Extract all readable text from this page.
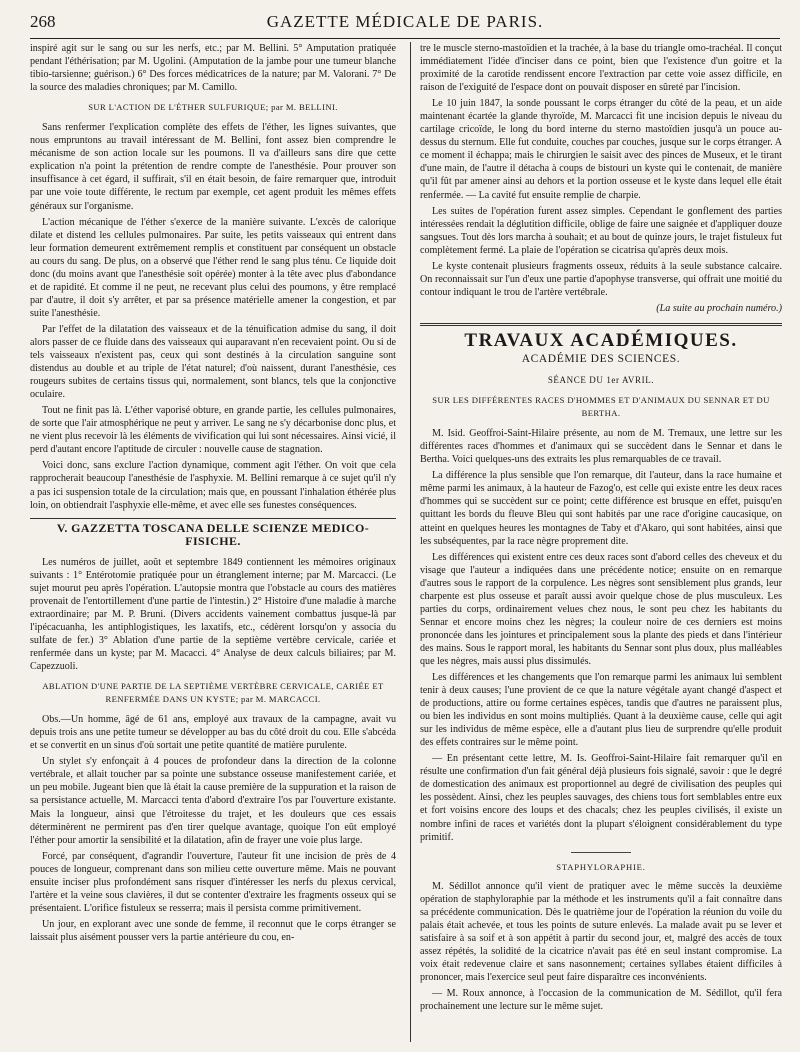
268	GAZETTE MÉDICALE DE PARIS.

inspiré agit sur le sang ou sur les nerfs, etc.; par M. Bellini. 5° Amputation pratiquée pendant l'éthérisation; par M. Ugolini. (Amputation de la jambe pour une tumeur blanche tibio-tarsienne; guérison.) 6° Des forces médicatrices de la nature; par M. Valorani. 7° De la source des maladies chroniques; par M. Camillo.

SUR L'ACTION DE L'ÉTHER SULFURIQUE; par M. BELLINI.

Sans renfermer l'explication complète des effets de l'éther, les lignes suivantes, que nous empruntons au travail intéressant de M. Bellini, font assez bien comprendre le mécanisme de son action locale sur les poumons. Il va d'ailleurs sans dire que cette explication n'a point la prétention de rendre compte de l'anesthésie. Pour prouver son insuffisance à cet égard, il suffirait, s'il en était besoin, de faire remarquer que, introduit par une voie toute différente, le rectum par exemple, cet agent produit les mêmes effets généraux sur l'organisme.

L'action mécanique de l'éther s'exerce de la manière suivante. L'excès de calorique dilate et distend les cellules pulmonaires. Par suite, les petits vaisseaux qui entrent dans leur formation demeurent extrêmement remplis et constituent par conséquent un obstacle au cours du sang. De plus, on a observé que l'éther rend le sang plus ténu. Ce liquide doit donc (du moins avant que l'anesthésie soit opérée) monter à la tête avec plus d'abondance et de rapidité. Et comme il ne peut, ne recevant plus celui des poumons, y être remplacé par d'autre, il doit s'y arrêter, et par sa présence matérielle amener la congestion, et par suite l'anesthésie.

Par l'effet de la dilatation des vaisseaux et de la ténuification admise du sang, il doit alors passer de ce fluide dans des vaisseaux qui auparavant n'en recevaient point. Ou si de tels vaisseaux n'existent pas, ceux qui sont destinés à la circulation sanguine sont distendus au double et au triple de l'état naturel; d'où naissent, durant l'anesthésie, ces rougeurs subites de certains tissus qui, normalement, sont blancs, tels que la conjonctive oculaire.

Tout ne finit pas là. L'éther vaporisé obture, en grande partie, les cellules pulmonaires, de sorte que l'air atmosphérique ne peut y arriver. Le sang ne s'y décarbonise donc plus, et ne vient plus recevoir là les éléments de vivification qui lui sont nécessaires. Ainsi vicié, il perd d'autant encore l'aptitude de circuler : nouvelle cause de stagnation.

Voici donc, sans exclure l'action dynamique, comment agit l'éther. On voit que cela rapprocherait beaucoup l'anesthésie de l'asphyxie. M. Bellini remarque à ce sujet qu'il n'y a pas ici suspension totale de la circulation; mais que, en poussant l'inhalation éthérée plus loin, on obtiendrait l'asphyxie elle-même, et avec elle ses funestes conséquences.

V. GAZZETTA TOSCANA DELLE SCIENZE MEDICO-FISICHE.

Les numéros de juillet, août et septembre 1849 contiennent les mémoires originaux suivants : 1° Entérotomie pratiquée pour un étranglement interne; par M. Marcacci. (Le sujet mourut peu après l'opération. L'autopsie montra que l'obstacle au cours des matières provenait de l'entortillement d'une partie de l'intestin.) 2° Histoire d'une maladie à marche extraordinaire; par M. P. Bruni. (Divers accidents vainement combattus jusque-là par l'ipécacuanha, les antiphlogistiques, les laxatifs, etc., cédèrent lorsqu'on y associa du sulfate de fer.) 3° Ablation d'une partie de la septième vertèbre cervicale, cariée et renfermée dans un kyste; par M. Macacci. 4° Analyse de deux calculs biliaires; par M. Capezzuoli.

ABLATION D'UNE PARTIE DE LA SEPTIÈME VERTÈBRE CERVICALE, CARIÉE ET RENFERMÉE DANS UN KYSTE; par M. MARCACCI.

Obs.—Un homme, âgé de 61 ans, employé aux travaux de la campagne, avait vu depuis trois ans une petite tumeur se développer au bas du côté droit du cou. Elle s'abcéda et se convertit en un sinus d'où sortait une petite quantité de matière purulente.

Un stylet s'y enfonçait à 4 pouces de profondeur dans la direction de la colonne vertébrale, et allait toucher par sa pointe une substance osseuse manifestement cariée, et un peu mobile. Jugeant bien que là était la cause première de la suppuration et la raison de sa persistance actuelle, M. Marcacci tenta d'abord d'extraire l'os par l'ouverture existante. Mais la longueur, ainsi que l'étroitesse du trajet, et les douleurs que ces essais déterminèrent ne permirent pas d'en tirer quelque avantage, quoique l'on eût employé l'éther pour amortir la sensibilité et la dilatation, afin de frayer une voie plus large.

Forcé, par conséquent, d'agrandir l'ouverture, l'auteur fit une incision de près de 4 pouces de longueur, comprenant dans son milieu cette ouverture même. Mais ne pouvant ensuite inciser plus profondément sans risquer d'intéresser les nerfs du plexus cervical, l'artère et la veine sous clavières, il dut se contenter d'extraire les fragments osseux qui se présentaient. L'orifice fistuleux se resserra; mais il persista comme primitivement.

Un jour, en explorant avec une sonde de femme, il reconnut que le corps étranger se laissait plus aisément pousser vers la partie antérieure du cou, en-

tre le muscle sterno-mastoïdien et la trachée, à la base du triangle omo-trachéal. Il conçut immédiatement l'idée d'inciser dans ce point, bien que l'existence d'un goitre et la proximité de la carotide rendissent encore l'extraction par cette voie assez difficile, en raison de l'exiguité de l'espace dont on pouvait disposer en sûreté par l'incision.

Le 10 juin 1847, la sonde poussant le corps étranger du côté de la peau, et un aide maintenant écartée la glande thyroïde, M. Marcacci fit une incision depuis le niveau du cartilage cricoïde, le long du bord interne du sterno mastoïdien jusqu'à un pouce au-dessus du sternum. Elle fut conduite, couches par couches, jusque sur le corps étranger. A ce moment il échappa; mais le chirurgien le saisit avec des pinces de Museux, et le tirant d'une main, de l'autre il détacha à coups de bistouri un kyste qui le contenait, de manière qu'il fût par amener ainsi au dehors et la portion osseuse et le kyste dans lequel elle était renfermée. — La cavité fut ensuite remplie de charpie.

Les suites de l'opération furent assez simples. Cependant le gonflement des parties intéressées rendait la déglutition difficile, oblige de faire une saignée et d'appliquer douze sangsues. Tout dès lors marcha à souhait; et au bout de quinze jours, le trajet fistuleux fut complètement fermé. La plaie de l'opération se cicatrisa qu'après deux mois.

Le kyste contenait plusieurs fragments osseux, réduits à la seule substance calcaire. On reconnaissait sur l'un d'eux une partie d'apophyse transverse, qui offrait une moitié du contour indiquant le trou de l'artère vertébrale.

(La suite au prochain numéro.)
TRAVAUX ACADÉMIQUES.
ACADÉMIE DES SCIENCES.
SÉANCE DU 1er AVRIL.
SUR LES DIFFÉRENTES RACES D'HOMMES ET D'ANIMAUX DU SENNAR ET DU BERTHA.

M. Isid. Geoffroi-Saint-Hilaire présente, au nom de M. Tremaux, une lettre sur les différentes races d'hommes et d'animaux qui se succèdent dans le Sennar et dans le Bertha. Voici quelques-uns des extraits les plus remarquables de ce travail.

La différence la plus sensible que l'on remarque, dit l'auteur, dans la race humaine et même parmi les animaux, à la hauteur de Fazog'o, est celle qui existe entre les deux races d'hommes qui se succèdent sur ce point; cette différence est brusque en effet, puisqu'en quittant les bords du fleuve Bleu qui sont habités par une race d'origine caucasique, on atteint en quelques heures les montagnes de Taby et d'Akaro, qui sont habitées, ainsi que les subséquentes, par la race nègre proprement dite.

Les différences qui existent entre ces deux races sont d'abord celles des cheveux et du visage que l'auteur a indiquées dans une précédente notice; ensuite on en remarque d'autres sous le rapport de la corpulence. Les nègres sont sensiblement plus grands, leur charpente est plus osseuse et paraît aussi avoir quelque chose de plus musculeux. Les parties du corps, ordinairement velues chez nous, le sont peu chez les habitants du Sennar et encore moins chez les nègres; la couleur noire de ces derniers est moins prononcée dans les jointures et principalement sous la plante des pieds et dans l'intérieur des mains. Sous le rapport moral, les habitants du Sennar sont plus doux, plus malléables que les nègres, mais aussi plus dissimulés.

Les différences et les changements que l'on remarque parmi les animaux lui semblent tenir à deux causes; l'une provient de ce que la nature végétale ayant changé d'aspect et de productions, attire ou forme certaines espèces, tandis que d'autres ne paraissent plus, ou bien les individus en sont moins multipliés. Quant à la deuxième cause, celle qui agit sur les individus de même espèce, elle a d'autant plus lieu de surprendre qu'elle produit des effets contraires sur le même point.

— En présentant cette lettre, M. Is. Geoffroi-Saint-Hilaire fait remarquer qu'il en résulte une confirmation d'un fait général déjà plusieurs fois signalé, savoir : que le degré de domestication des animaux est proportionnel au degré de civilisation des peuples qui les possèdent. Ainsi, chez les peuples sauvages, des chiens tous fort semblables entre eux et fort voisins encore des loups et des chacals; chez les peuples civilisés, il existe un nombre infini de races et variétés dont la plupart s'éloignent considérablement du type primitif.

STAPHYLORAPHIE.

M. Sédillot annonce qu'il vient de pratiquer avec le même succès la deuxième opération de staphyloraphie par la méthode et les instruments qu'il a fait connaître dans sa précédente communication. Dès le quatrième jour de l'opération la réunion du voile du palais était achevée, et tous les points de suture enlevés. La malade avait pu se lever et satisfaire à sa soif et à son appétit à partir du second jour, et, malgré des accès de toux assez répétés, la solidité de la cicatrice n'avait pas été en seul instant compromise. La voix était redevenue claire et sans nasonnement; certaines syllabes étaient difficiles à prononcer, mais l'exercice seul peut faire disparaître ces inconvénients.

— M. Roux annonce, à l'occasion de la communication de M. Sédillot, qu'il fera prochainement une lecture sur le même sujet.
